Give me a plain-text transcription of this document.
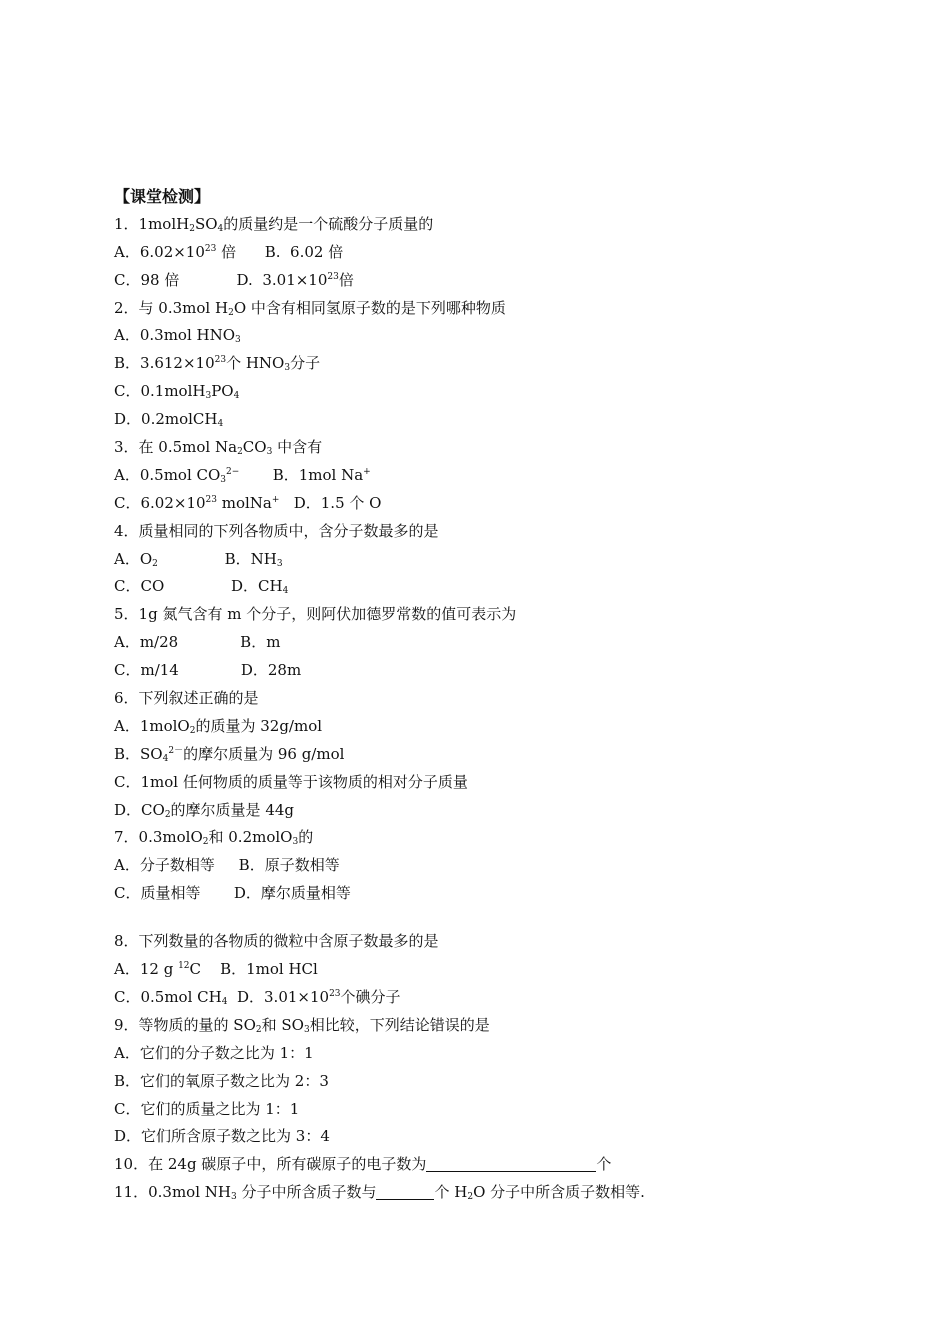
【课堂检测】
1．$1molH_2SO_4$的质量约是一个硫酸分子质量的
A．$6.02\times 10^{23}$ 倍      B.  6.02 倍
C．98 倍            D.  $3.01\times 10^{23}$倍
2．与 0.3mol $H_2O$ 中含有相同氢原子数的是下列哪种物质
A．0.3mol $HNO_3$
B．$3.612\times 10^{23}$个 $HNO_3$分子
C．$0.1molH_3PO_4$
D．0.2molCH$_4$
3．在 0.5mol $Na_2CO_3$ 中含有
A．0.5mol $CO_3^{2-}$       B．1mol Na+
C．$6.02\times 10^{23}$ molNa+   D．1.5 个 O
4．质量相同的下列各物质中，含分子数最多的是
A．$O_2$              B．$NH_3$
C．CO              D．$CH_4$
5．1g 氮气含有 m 个分子，则阿伏加德罗常数的值可表示为
A．m/28             B．m
C．m/14             D．28m
6．下列叙述正确的是
A．1molO$_2$的质量为 32g/mol
B．$SO_4^{2-}$的摩尔质量为 96 g/mol
C．1mol 任何物质的质量等于该物质的相对分子质量
D．$CO_2$的摩尔质量是 44g
7．0.3molO$_2$和 0.2molO$_3$的
A．分子数相等     B．原子数相等
C．质量相等       D．摩尔质量相等
8．下列数量的各物质的微粒中含原子数最多的是
A．12 g $^{12}$C    B．1mol HCl
C．0.5mol $CH_4$  D．$3.01\times 10^{23}$个碘分子
9．等物质的量的 $SO_2$和 $SO_3$相比较，下列结论错误的是
A．它们的分子数之比为 1：1
B．它们的氧原子数之比为 2：3
C．它们的质量之比为 1：1
D．它们所含原子数之比为 3：4
10．在 24g 碳原子中，所有碳原子的电子数为	个
11．0.3mol $NH_3$ 分子中所含质子数与	个 $H_2O$ 分子中所含质子数相等.
